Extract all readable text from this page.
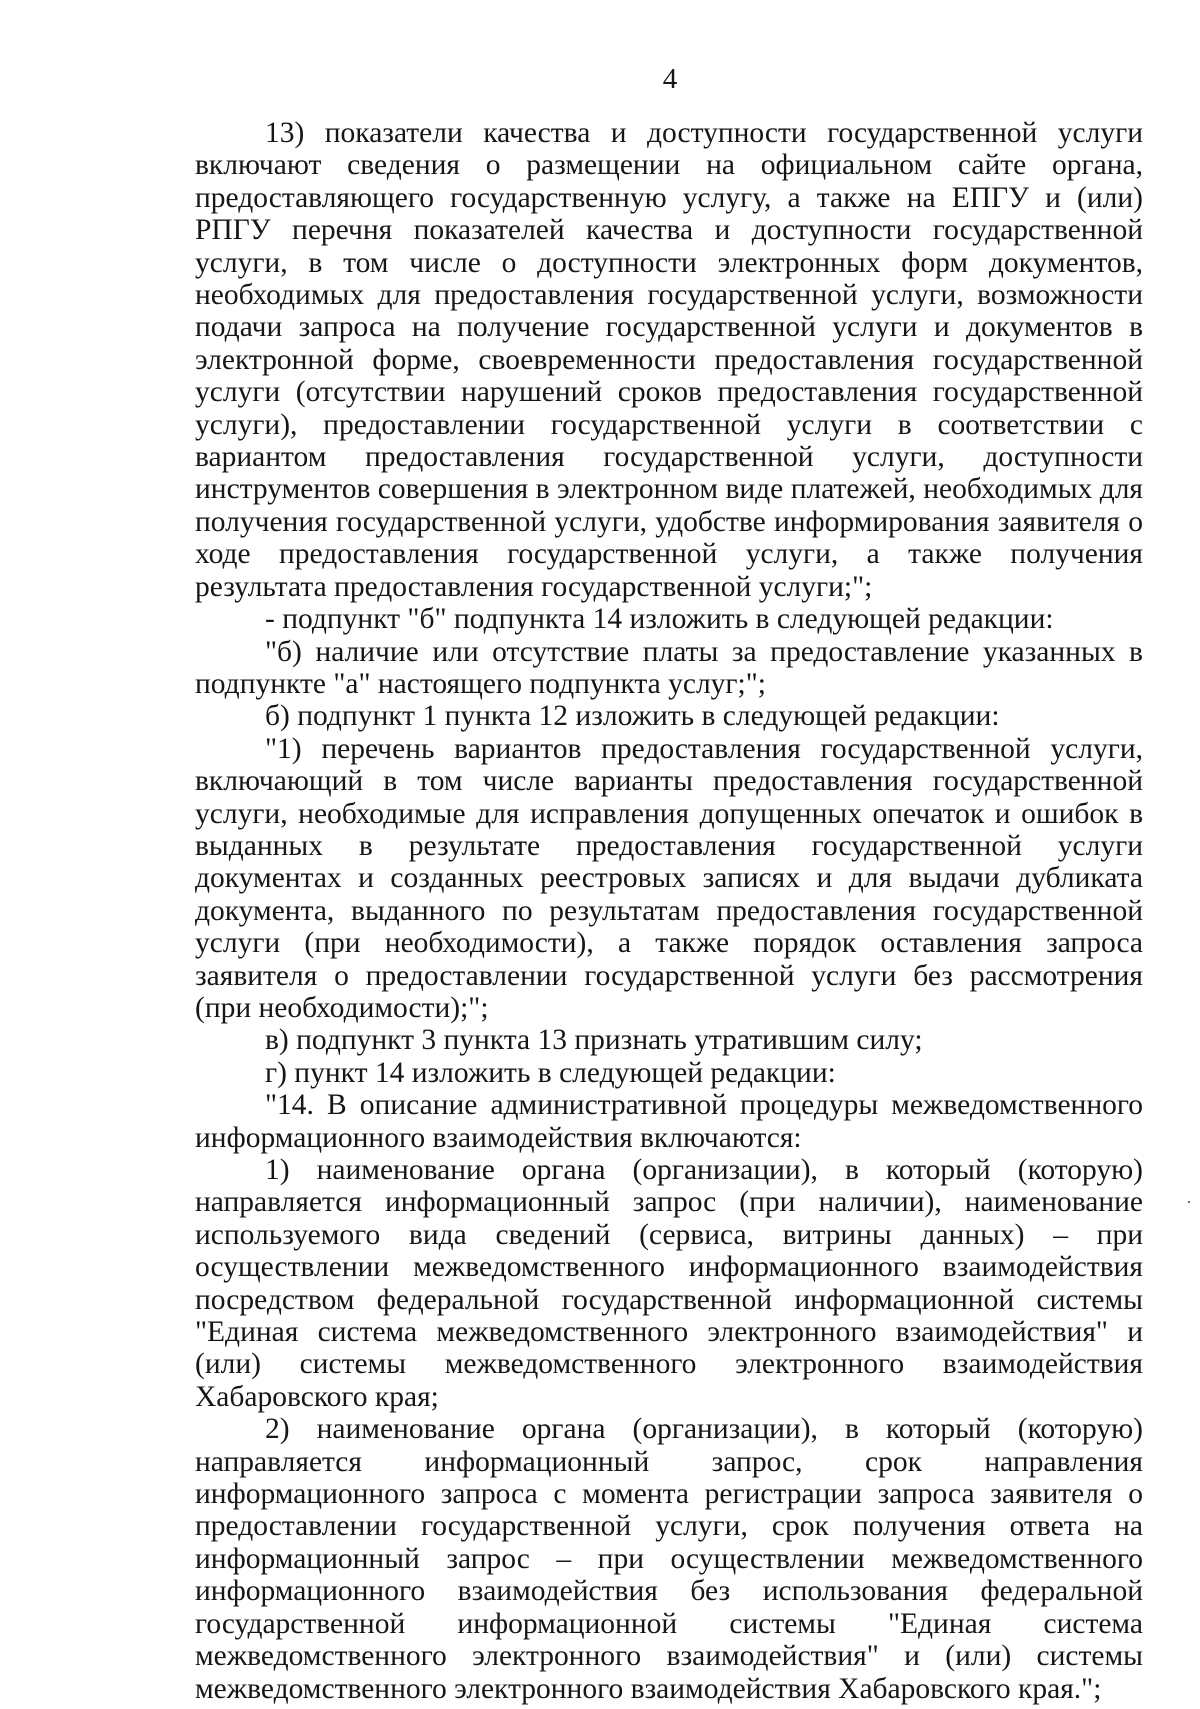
4

13) показатели качества и доступности государственной услуги включают сведения о размещении на официальном сайте органа, предоставляющего государственную услугу, а также на ЕПГУ и (или) РПГУ перечня показателей качества и доступности государственной услуги, в том числе о доступности электронных форм документов, необходимых для предоставления государственной услуги, возможности подачи запроса на получение государственной услуги и документов в электронной форме, своевременности предоставления государственной услуги (отсутствии нарушений сроков предоставления государственной услуги), предоставлении государственной услуги в соответствии с вариантом предоставления государственной услуги, доступности инструментов совершения в электронном виде платежей, необходимых для получения государственной услуги, удобстве информирования заявителя о ходе предоставления государственной услуги, а также получения результата предоставления государственной услуги;";

- подпункт "б" подпункта 14 изложить в следующей редакции:

"б) наличие или отсутствие платы за предоставление указанных в подпункте "а" настоящего подпункта услуг;";

б) подпункт 1 пункта 12 изложить в следующей редакции:

"1) перечень вариантов предоставления государственной услуги, включающий в том числе варианты предоставления государственной услуги, необходимые для исправления допущенных опечаток и ошибок в выданных в результате предоставления государственной услуги документах и созданных реестровых записях и для выдачи дубликата документа, выданного по результатам предоставления государственной услуги (при необходимости), а также порядок оставления запроса заявителя о предоставлении государственной услуги без рассмотрения (при необходимости);";

в) подпункт 3 пункта 13 признать утратившим силу;

г) пункт 14 изложить в следующей редакции:

"14. В описание административной процедуры межведомственного информационного взаимодействия включаются:

1) наименование органа (организации), в который (которую) направляется информационный запрос (при наличии), наименование используемого вида сведений (сервиса, витрины данных) – при осуществлении межведомственного информационного взаимодействия посредством федеральной государственной информационной системы "Единая система межведомственного электронного взаимодействия" и (или) системы межведомственного электронного взаимодействия Хабаровского края;

2) наименование органа (организации), в который (которую) направляется информационный запрос, срок направления информационного запроса с момента регистрации запроса заявителя о предоставлении государственной услуги, срок получения ответа на информационный запрос – при осуществлении межведомственного информационного взаимодействия без использования федеральной государственной информационной системы "Единая система межведомственного электронного взаимодействия" и (или) системы межведомственного электронного взаимодействия Хабаровского края.";

·
